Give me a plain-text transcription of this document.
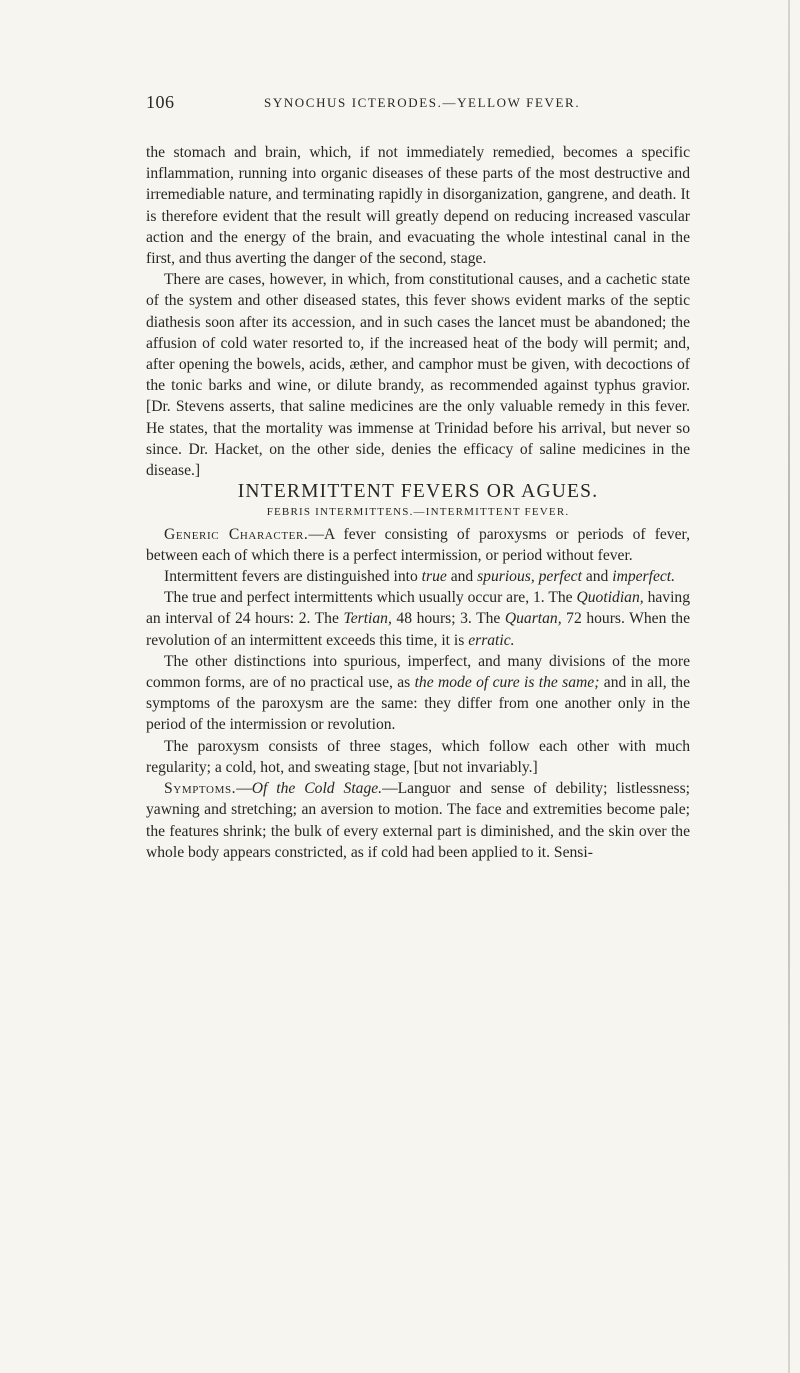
106	SYNOCHUS ICTERODES.—YELLOW FEVER.

the stomach and brain, which, if not immediately remedied, becomes a specific inflammation, running into organic diseases of these parts of the most destructive and irremediable nature, and terminating rapidly in disorganization, gangrene, and death. It is therefore evident that the result will greatly depend on reducing increased vascular action and the energy of the brain, and evacuating the whole intestinal canal in the first, and thus averting the danger of the second, stage.

There are cases, however, in which, from constitutional causes, and a cachetic state of the system and other diseased states, this fever shows evident marks of the septic diathesis soon after its accession, and in such cases the lancet must be abandoned; the affusion of cold water resorted to, if the increased heat of the body will permit; and, after opening the bowels, acids, æther, and camphor must be given, with decoctions of the tonic barks and wine, or dilute brandy, as recommended against typhus gravior. [Dr. Stevens asserts, that saline medicines are the only valuable remedy in this fever. He states, that the mortality was immense at Trinidad before his arrival, but never so since. Dr. Hacket, on the other side, denies the efficacy of saline medicines in the disease.]

INTERMITTENT FEVERS OR AGUES.

FEBRIS INTERMITTENS.—INTERMITTENT FEVER.

Generic Character.—A fever consisting of paroxysms or periods of fever, between each of which there is a perfect intermission, or period without fever.

Intermittent fevers are distinguished into true and spurious, perfect and imperfect.

The true and perfect intermittents which usually occur are, 1. The Quotidian, having an interval of 24 hours: 2. The Tertian, 48 hours; 3. The Quartan, 72 hours. When the revolution of an intermittent exceeds this time, it is erratic.

The other distinctions into spurious, imperfect, and many divisions of the more common forms, are of no practical use, as the mode of cure is the same; and in all, the symptoms of the paroxysm are the same: they differ from one another only in the period of the intermission or revolution.

The paroxysm consists of three stages, which follow each other with much regularity; a cold, hot, and sweating stage, [but not invariably.]

Symptoms.—Of the Cold Stage.—Languor and sense of debility; listlessness; yawning and stretching; an aversion to motion. The face and extremities become pale; the features shrink; the bulk of every external part is diminished, and the skin over the whole body appears constricted, as if cold had been applied to it. Sensi-
